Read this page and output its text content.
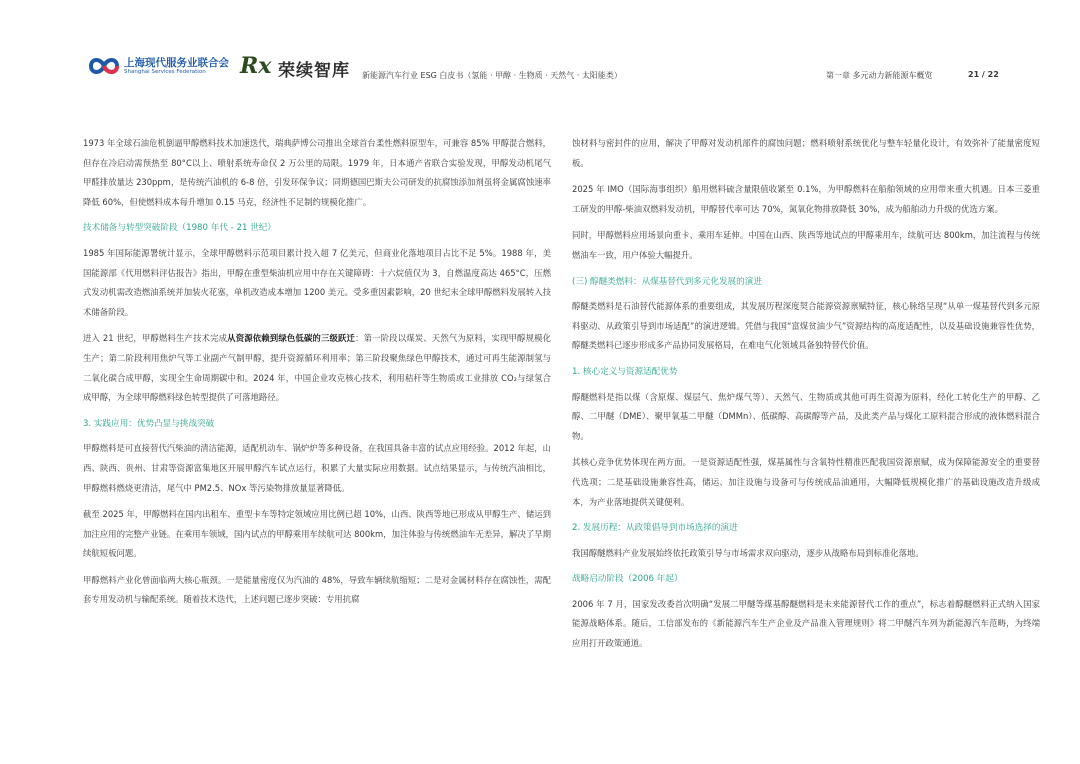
上海现代服务业联合会
Shanghai Services Federation Rx 荣续智库 新能源汽车行业 ESG 白皮书（氢能 · 甲醇 · 生物质 · 天然气 · 太阳能类）	第一章 多元动力新能源车概览	21 / 22

1973 年全球石油危机倒逼甲醇燃料技术加速迭代，瑞典萨博公司推出全球首台柔性燃料原型车，可兼容 85% 甲醇混合燃料，但存在冷启动需预热至 80°C以上、喷射系统寿命仅 2 万公里的局限。1979 年，日本通产省联合实验发现，甲醇发动机尾气甲醛排放量达 230ppm，是传统汽油机的 6-8 倍，引发环保争议；同期德国巴斯夫公司研发的抗腐蚀添加剂虽将金属腐蚀速率降低 60%，但使燃料成本每升增加 0.15 马克，经济性不足制约规模化推广。

技术储备与转型突破阶段（1980 年代 - 21 世纪）

1985 年国际能源署统计显示，全球甲醇燃料示范项目累计投入超 7 亿美元，但商业化落地项目占比不足 5%。1988 年，美国能源部《代用燃料评估报告》指出，甲醇在重型柴油机应用中存在关键障碍：十六烷值仅为 3，自燃温度高达 465°C，压燃式发动机需改造燃油系统并加装火花塞，单机改造成本增加 1200 美元。受多重因素影响，20 世纪末全球甲醇燃料发展转入技术储备阶段。

进入 21 世纪，甲醇燃料生产技术完成从资源依赖到绿色低碳的三级跃迁：第一阶段以煤炭、天然气为原料，实现甲醇规模化生产；第二阶段利用焦炉气等工业副产气制甲醇，提升资源循环利用率；第三阶段聚焦绿色甲醇技术，通过可再生能源制氢与二氧化碳合成甲醇，实现全生命周期碳中和。2024 年，中国企业攻克核心技术，利用秸秆等生物质或工业排放 CO₂与绿氢合成甲醇，为全球甲醇燃料绿色转型提供了可落地路径。

3. 实践应用：优势凸显与挑战突破

甲醇燃料是可直接替代汽柴油的清洁能源，适配机动车、锅炉炉等多种设备，在我国具备丰富的试点应用经验。2012 年起，山西、陕西、贵州、甘肃等资源富集地区开展甲醇汽车试点运行，积累了大量实际应用数据。试点结果显示，与传统汽油相比，甲醇燃料燃烧更清洁，尾气中 PM2.5、NOx 等污染物排放量显著降低。

截至 2025 年，甲醇燃料在国内出租车、重型卡车等特定领域应用比例已超 10%，山西、陕西等地已形成从甲醇生产、储运到加注应用的完整产业链。在乘用车领域，国内试点的甲醇乘用车续航可达 800km，加注体验与传统燃油车无差异，解决了早期续航短板问题。

甲醇燃料产业化曾面临两大核心瓶颈。一是能量密度仅为汽油的 48%，导致车辆续航缩短；二是对金属材料存在腐蚀性，需配套专用发动机与输配系统。随着技术迭代，上述问题已逐步突破：专用抗腐

蚀材料与密封件的应用，解决了甲醇对发动机部件的腐蚀问题；燃料喷射系统优化与整车轻量化设计，有效弥补了能量密度短板。

2025 年 IMO（国际海事组织）船用燃料硫含量限值收紧至 0.1%，为甲醇燃料在船舶领域的应用带来重大机遇。日本三菱重工研发的甲醇-柴油双燃料发动机，甲醇替代率可达 70%，氮氧化物排放降低 30%，成为船舶动力升级的优选方案。

同时，甲醇燃料应用场景向重卡、乘用车延伸。中国在山西、陕西等地试点的甲醇乘用车，续航可达 800km，加注流程与传统燃油车一致，用户体验大幅提升。

(三) 醇醚类燃料：从煤基替代到多元化发展的演进

醇醚类燃料是石油替代能源体系的重要组成，其发展历程深度契合能源资源禀赋特征，核心脉络呈现“从单一煤基替代到多元原料驱动、从政策引导到市场适配”的演进逻辑。凭借与我国“富煤贫油少气”资源结构的高度适配性，以及基础设施兼容性优势，醇醚类燃料已逐步形成多产品协同发展格局，在难电气化领域具备独特替代价值。

1. 核心定义与资源适配优势

醇醚燃料是指以煤（含原煤、煤层气、焦炉煤气等）、天然气、生物质或其他可再生资源为原料，经化工转化生产的甲醇、乙醇、二甲醚（DME）、聚甲氧基二甲醚（DMMn）、低碳醇、高碳醇等产品，及此类产品与煤化工原料混合形成的液体燃料混合物。

其核心竞争优势体现在两方面。一是资源适配性强，煤基属性与含氧特性精准匹配我国资源禀赋，成为保障能源安全的重要替代选项；二是基础设施兼容性高，储运、加注设施与设备可与传统成品油通用，大幅降低规模化推广的基础设施改造升级成本，为产业落地提供关键便利。

2. 发展历程：从政策倡导到市场选择的演进

我国醇醚燃料产业发展始终依托政策引导与市场需求双向驱动，逐步从战略布局到标准化落地。

战略启动阶段（2006 年起）

2006 年 7 月，国家发改委首次明确“发展二甲醚等煤基醇醚燃料是未来能源替代工作的重点”，标志着醇醚燃料正式纳入国家能源战略体系。随后，工信部发布的《新能源汽车生产企业及产品准入管理规则》将二甲醚汽车列为新能源汽车范畴，为终端应用打开政策通道。
